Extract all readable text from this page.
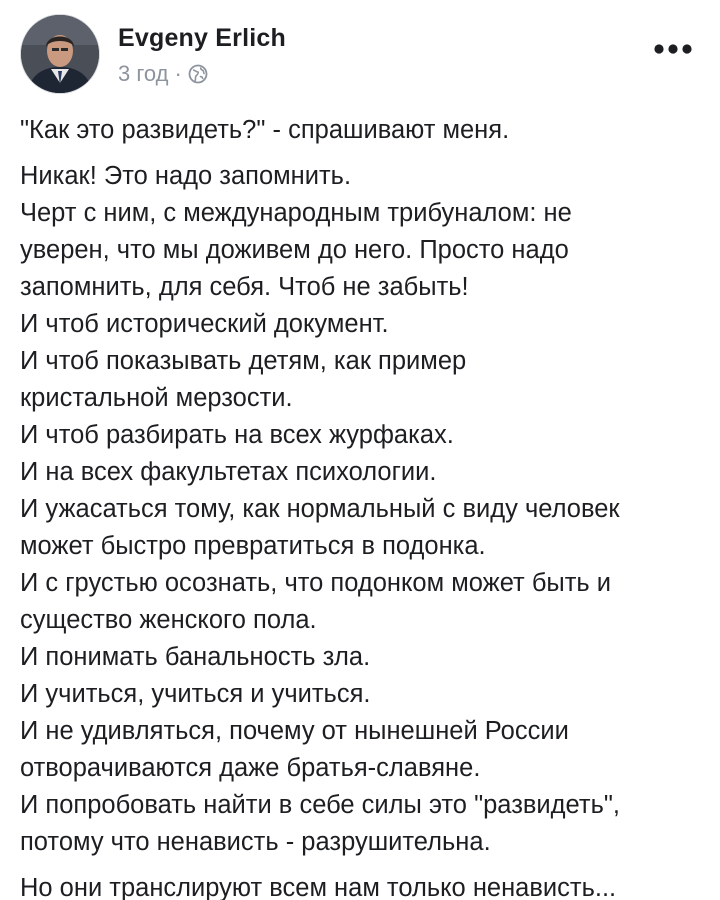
Evgeny Erlich
3 год ·
"Как это развидеть?" - спрашивают меня.
Никак! Это надо запомнить.
Черт с ним, с международным трибуналом: не
уверен, что мы доживем до него. Просто надо
запомнить, для себя. Чтоб не забыть!
И чтоб исторический документ.
И чтоб показывать детям, как пример
кристальной мерзости.
И чтоб разбирать на всех журфаках.
И на всех факультетах психологии.
И ужасаться тому, как нормальный с виду человек
может быстро превратиться в подонка.
И с грустью осознать, что подонком может быть и
существо женского пола.
И понимать банальность зла.
И учиться, учиться и учиться.
И не удивляться, почему от нынешней России
отворачиваются даже братья-славяне.
И попробовать найти в себе силы это "развидеть",
потому что ненависть - разрушительна.
Но они транслируют всем нам только ненависть...
